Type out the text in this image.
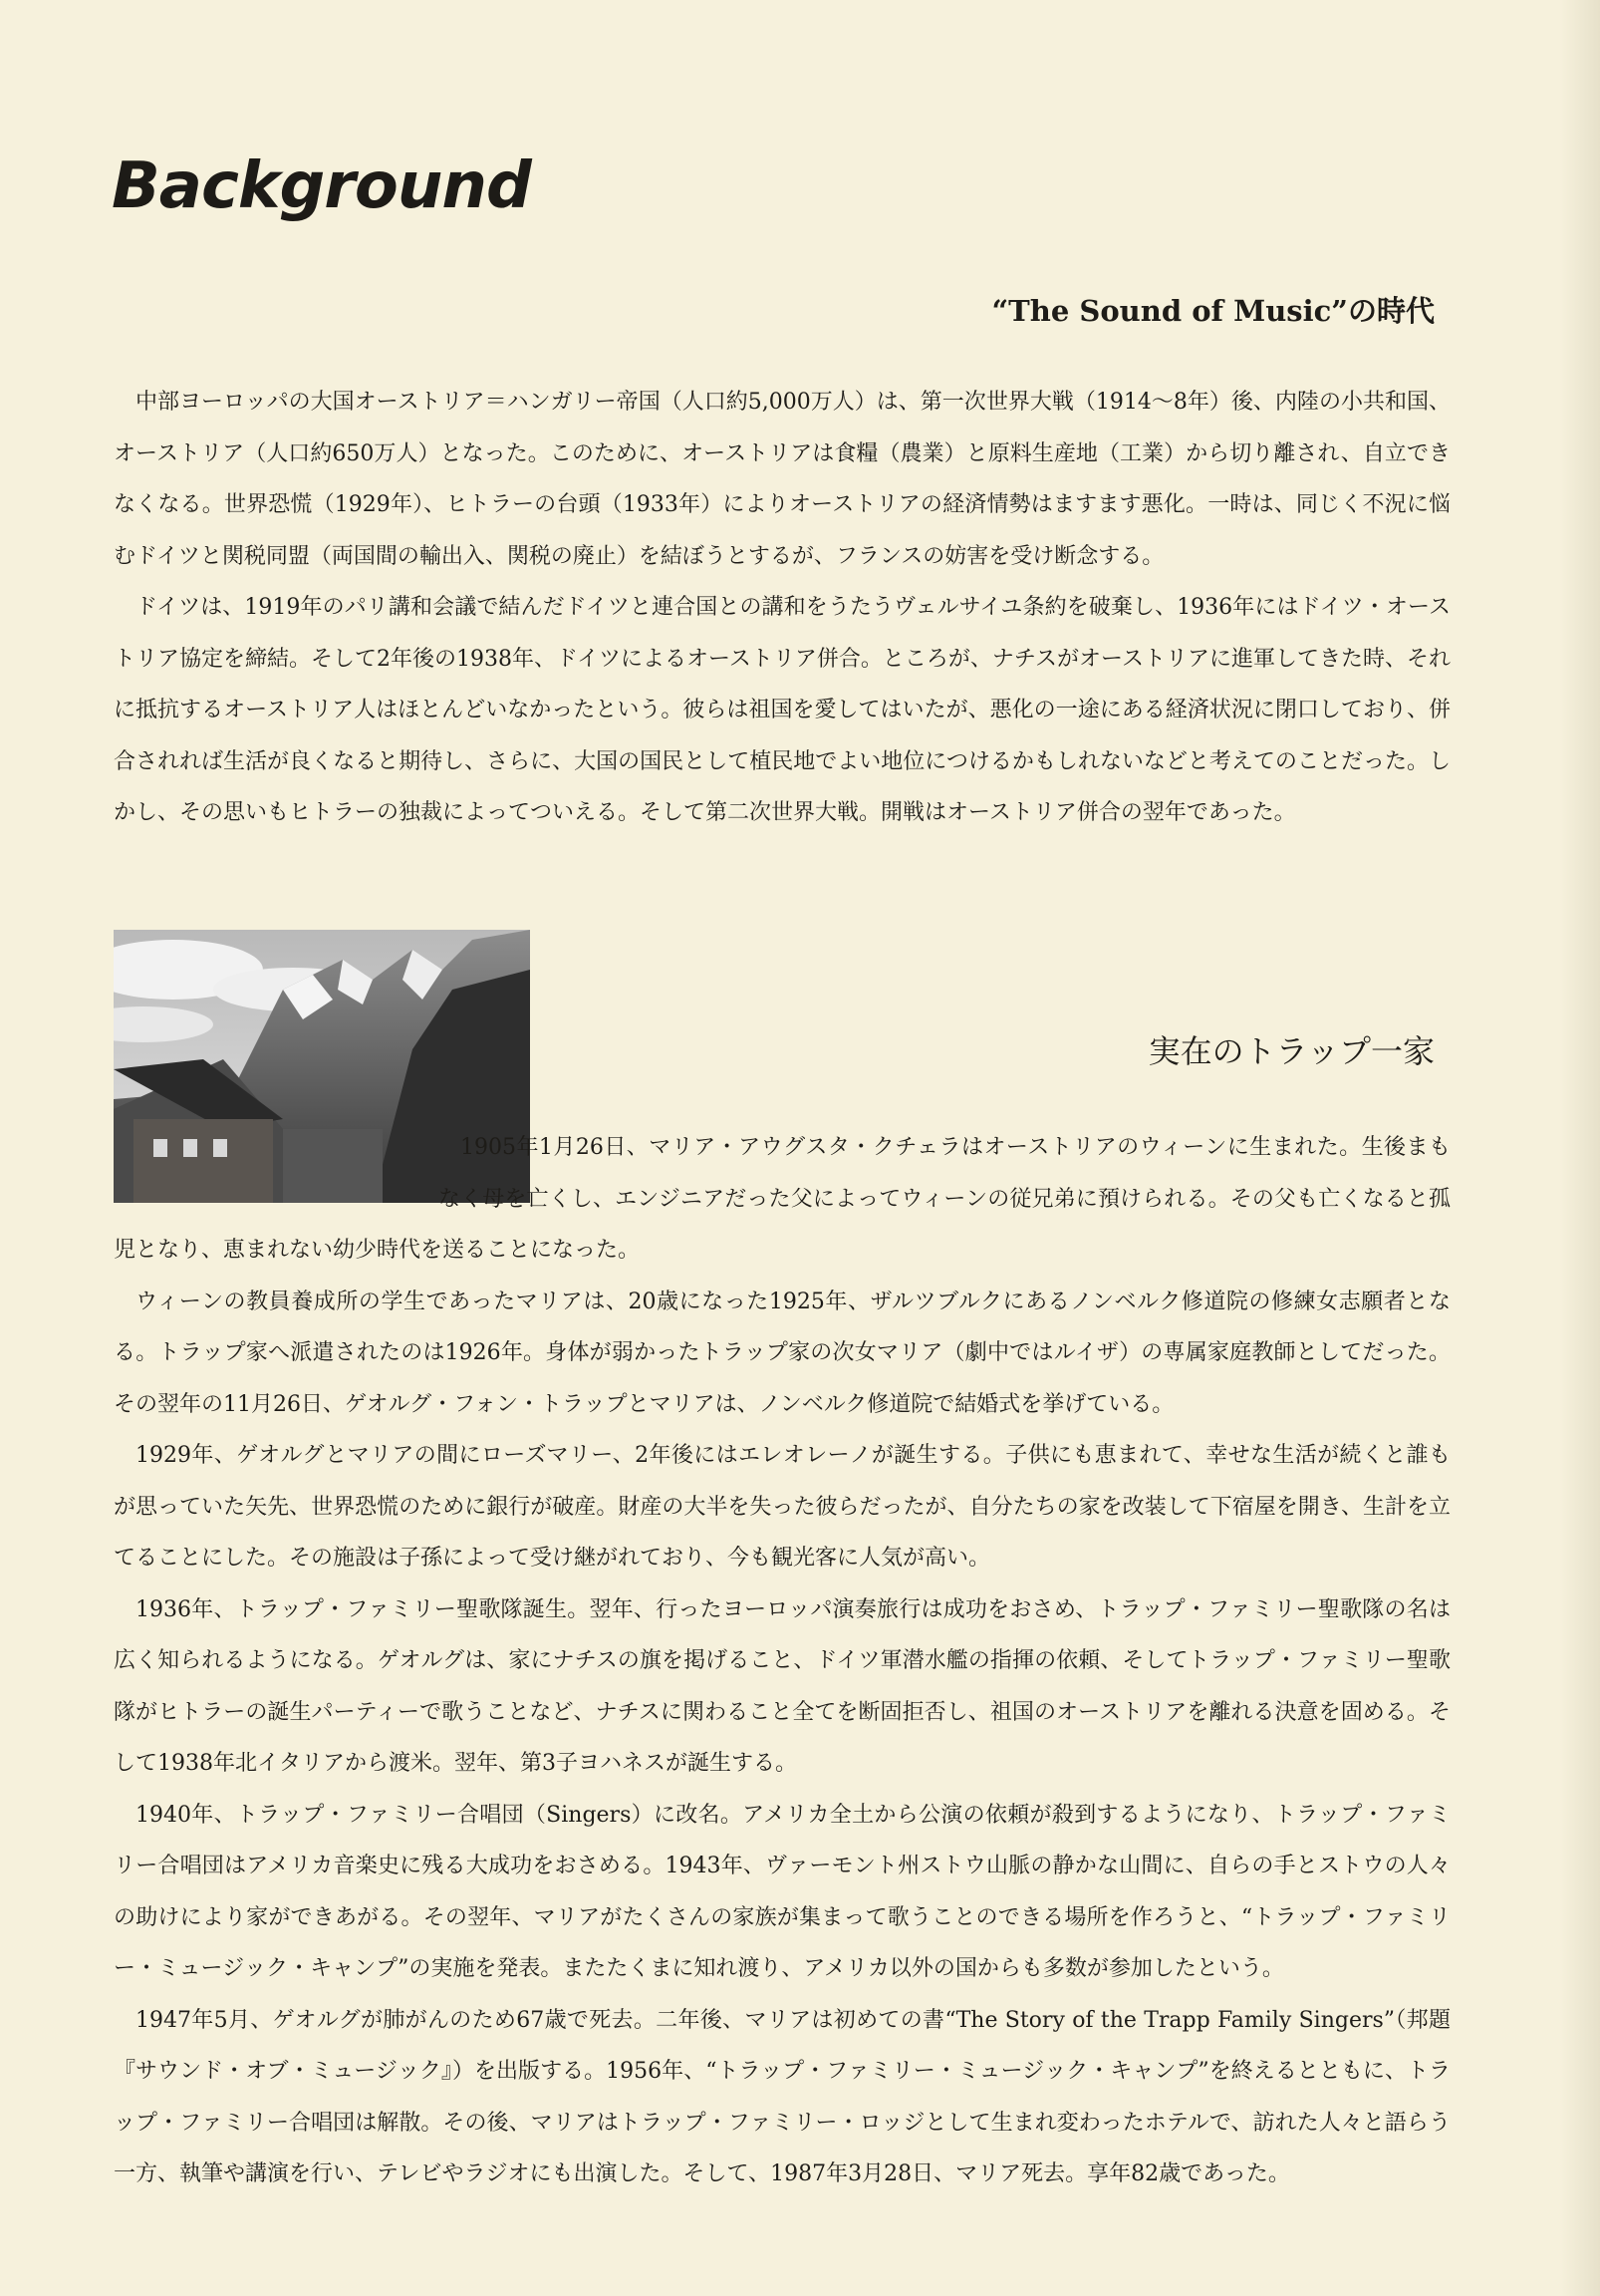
Background
“The Sound of Music”の時代

中部ヨーロッパの大国オーストリア＝ハンガリー帝国（人口約5,000万人）は、第一次世界大戦（1914〜8年）後、内陸の小共和国、オーストリア（人口約650万人）となった。このために、オーストリアは食糧（農業）と原料生産地（工業）から切り離され、自立できなくなる。世界恐慌（1929年）、ヒトラーの台頭（1933年）によりオーストリアの経済情勢はますます悪化。一時は、同じく不況に悩むドイツと関税同盟（両国間の輸出入、関税の廃止）を結ぼうとするが、フランスの妨害を受け断念する。

ドイツは、1919年のパリ講和会議で結んだドイツと連合国との講和をうたうヴェルサイユ条約を破棄し、1936年にはドイツ・オーストリア協定を締結。そして2年後の1938年、ドイツによるオーストリア併合。ところが、ナチスがオーストリアに進軍してきた時、それに抵抗するオーストリア人はほとんどいなかったという。彼らは祖国を愛してはいたが、悪化の一途にある経済状況に閉口しており、併合されれば生活が良くなると期待し、さらに、大国の国民として植民地でよい地位につけるかもしれないなどと考えてのことだった。しかし、その思いもヒトラーの独裁によってついえる。そして第二次世界大戦。開戦はオーストリア併合の翌年であった。

実在のトラップ一家

1905年1月26日、マリア・アウグスタ・クチェラはオーストリアのウィーンに生まれた。生後まもなく母を亡くし、エンジニアだった父によってウィーンの従兄弟に預けられる。その父も亡くなると孤児となり、恵まれない幼少時代を送ることになった。

ウィーンの教員養成所の学生であったマリアは、20歳になった1925年、ザルツブルクにあるノンベルク修道院の修練女志願者となる。トラップ家へ派遣されたのは1926年。身体が弱かったトラップ家の次女マリア（劇中ではルイザ）の専属家庭教師としてだった。その翌年の11月26日、ゲオルグ・フォン・トラップとマリアは、ノンベルク修道院で結婚式を挙げている。

1929年、ゲオルグとマリアの間にローズマリー、2年後にはエレオレーノが誕生する。子供にも恵まれて、幸せな生活が続くと誰もが思っていた矢先、世界恐慌のために銀行が破産。財産の大半を失った彼らだったが、自分たちの家を改装して下宿屋を開き、生計を立てることにした。その施設は子孫によって受け継がれており、今も観光客に人気が高い。

1936年、トラップ・ファミリー聖歌隊誕生。翌年、行ったヨーロッパ演奏旅行は成功をおさめ、トラップ・ファミリー聖歌隊の名は広く知られるようになる。ゲオルグは、家にナチスの旗を掲げること、ドイツ軍潜水艦の指揮の依頼、そしてトラップ・ファミリー聖歌隊がヒトラーの誕生パーティーで歌うことなど、ナチスに関わること全てを断固拒否し、祖国のオーストリアを離れる決意を固める。そして1938年北イタリアから渡米。翌年、第3子ヨハネスが誕生する。

1940年、トラップ・ファミリー合唱団（Singers）に改名。アメリカ全土から公演の依頼が殺到するようになり、トラップ・ファミリー合唱団はアメリカ音楽史に残る大成功をおさめる。1943年、ヴァーモント州ストウ山脈の静かな山間に、自らの手とストウの人々の助けにより家ができあがる。その翌年、マリアがたくさんの家族が集まって歌うことのできる場所を作ろうと、“トラップ・ファミリー・ミュージック・キャンプ”の実施を発表。またたくまに知れ渡り、アメリカ以外の国からも多数が参加したという。

1947年5月、ゲオルグが肺がんのため67歳で死去。二年後、マリアは初めての書“The Story of the Trapp Family Singers”（邦題『サウンド・オブ・ミュージック』）を出版する。1956年、“トラップ・ファミリー・ミュージック・キャンプ”を終えるとともに、トラップ・ファミリー合唱団は解散。その後、マリアはトラップ・ファミリー・ロッジとして生まれ変わったホテルで、訪れた人々と語らう一方、執筆や講演を行い、テレビやラジオにも出演した。そして、1987年3月28日、マリア死去。享年82歳であった。
